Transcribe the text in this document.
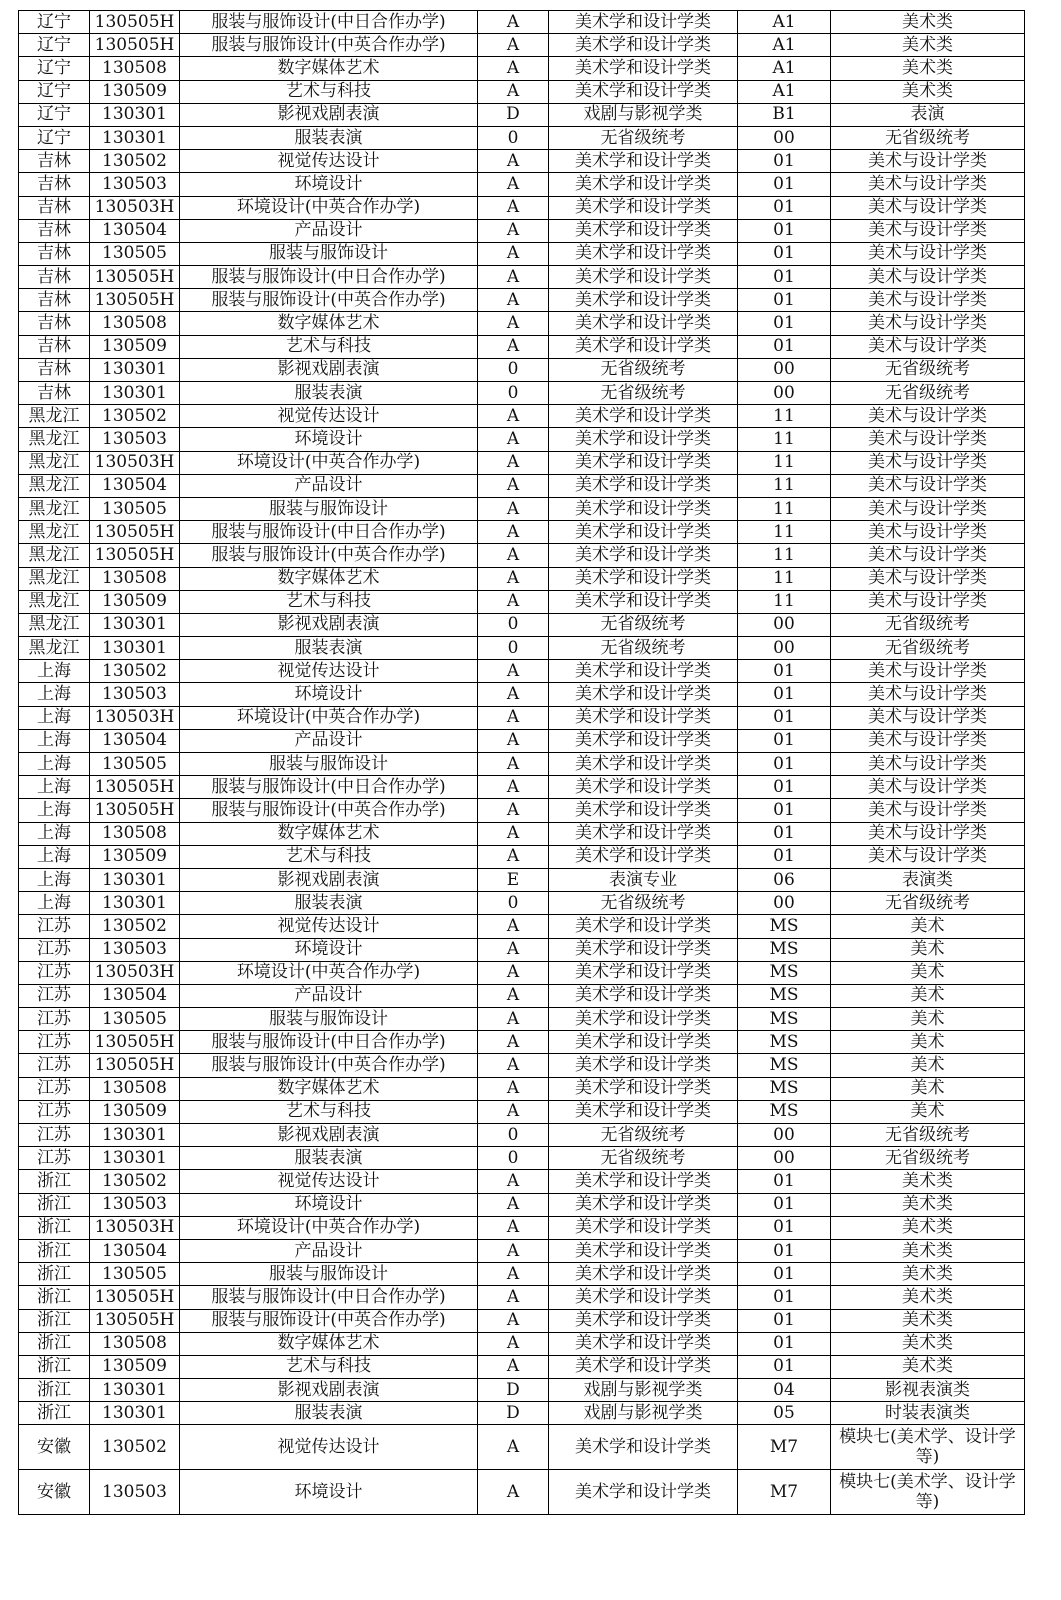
辽宁	130505H	服装与服饰设计(中日合作办学)	A	美术学和设计学类	A1	美术类
辽宁	130505H	服装与服饰设计(中英合作办学)	A	美术学和设计学类	A1	美术类
辽宁	130508	数字媒体艺术	A	美术学和设计学类	A1	美术类
辽宁	130509	艺术与科技	A	美术学和设计学类	A1	美术类
辽宁	130301	影视戏剧表演	D	戏剧与影视学类	B1	表演
辽宁	130301	服装表演	0	无省级统考	00	无省级统考
吉林	130502	视觉传达设计	A	美术学和设计学类	01	美术与设计学类
吉林	130503	环境设计	A	美术学和设计学类	01	美术与设计学类
吉林	130503H	环境设计(中英合作办学)	A	美术学和设计学类	01	美术与设计学类
吉林	130504	产品设计	A	美术学和设计学类	01	美术与设计学类
吉林	130505	服装与服饰设计	A	美术学和设计学类	01	美术与设计学类
吉林	130505H	服装与服饰设计(中日合作办学)	A	美术学和设计学类	01	美术与设计学类
吉林	130505H	服装与服饰设计(中英合作办学)	A	美术学和设计学类	01	美术与设计学类
吉林	130508	数字媒体艺术	A	美术学和设计学类	01	美术与设计学类
吉林	130509	艺术与科技	A	美术学和设计学类	01	美术与设计学类
吉林	130301	影视戏剧表演	0	无省级统考	00	无省级统考
吉林	130301	服装表演	0	无省级统考	00	无省级统考
黑龙江	130502	视觉传达设计	A	美术学和设计学类	11	美术与设计学类
黑龙江	130503	环境设计	A	美术学和设计学类	11	美术与设计学类
黑龙江	130503H	环境设计(中英合作办学)	A	美术学和设计学类	11	美术与设计学类
黑龙江	130504	产品设计	A	美术学和设计学类	11	美术与设计学类
黑龙江	130505	服装与服饰设计	A	美术学和设计学类	11	美术与设计学类
黑龙江	130505H	服装与服饰设计(中日合作办学)	A	美术学和设计学类	11	美术与设计学类
黑龙江	130505H	服装与服饰设计(中英合作办学)	A	美术学和设计学类	11	美术与设计学类
黑龙江	130508	数字媒体艺术	A	美术学和设计学类	11	美术与设计学类
黑龙江	130509	艺术与科技	A	美术学和设计学类	11	美术与设计学类
黑龙江	130301	影视戏剧表演	0	无省级统考	00	无省级统考
黑龙江	130301	服装表演	0	无省级统考	00	无省级统考
上海	130502	视觉传达设计	A	美术学和设计学类	01	美术与设计学类
上海	130503	环境设计	A	美术学和设计学类	01	美术与设计学类
上海	130503H	环境设计(中英合作办学)	A	美术学和设计学类	01	美术与设计学类
上海	130504	产品设计	A	美术学和设计学类	01	美术与设计学类
上海	130505	服装与服饰设计	A	美术学和设计学类	01	美术与设计学类
上海	130505H	服装与服饰设计(中日合作办学)	A	美术学和设计学类	01	美术与设计学类
上海	130505H	服装与服饰设计(中英合作办学)	A	美术学和设计学类	01	美术与设计学类
上海	130508	数字媒体艺术	A	美术学和设计学类	01	美术与设计学类
上海	130509	艺术与科技	A	美术学和设计学类	01	美术与设计学类
上海	130301	影视戏剧表演	E	表演专业	06	表演类
上海	130301	服装表演	0	无省级统考	00	无省级统考
江苏	130502	视觉传达设计	A	美术学和设计学类	MS	美术
江苏	130503	环境设计	A	美术学和设计学类	MS	美术
江苏	130503H	环境设计(中英合作办学)	A	美术学和设计学类	MS	美术
江苏	130504	产品设计	A	美术学和设计学类	MS	美术
江苏	130505	服装与服饰设计	A	美术学和设计学类	MS	美术
江苏	130505H	服装与服饰设计(中日合作办学)	A	美术学和设计学类	MS	美术
江苏	130505H	服装与服饰设计(中英合作办学)	A	美术学和设计学类	MS	美术
江苏	130508	数字媒体艺术	A	美术学和设计学类	MS	美术
江苏	130509	艺术与科技	A	美术学和设计学类	MS	美术
江苏	130301	影视戏剧表演	0	无省级统考	00	无省级统考
江苏	130301	服装表演	0	无省级统考	00	无省级统考
浙江	130502	视觉传达设计	A	美术学和设计学类	01	美术类
浙江	130503	环境设计	A	美术学和设计学类	01	美术类
浙江	130503H	环境设计(中英合作办学)	A	美术学和设计学类	01	美术类
浙江	130504	产品设计	A	美术学和设计学类	01	美术类
浙江	130505	服装与服饰设计	A	美术学和设计学类	01	美术类
浙江	130505H	服装与服饰设计(中日合作办学)	A	美术学和设计学类	01	美术类
浙江	130505H	服装与服饰设计(中英合作办学)	A	美术学和设计学类	01	美术类
浙江	130508	数字媒体艺术	A	美术学和设计学类	01	美术类
浙江	130509	艺术与科技	A	美术学和设计学类	01	美术类
浙江	130301	影视戏剧表演	D	戏剧与影视学类	04	影视表演类
浙江	130301	服装表演	D	戏剧与影视学类	05	时装表演类
安徽	130502	视觉传达设计	A	美术学和设计学类	M7	模块七(美术学、设计学等)
安徽	130503	环境设计	A	美术学和设计学类	M7	模块七(美术学、设计学等)
